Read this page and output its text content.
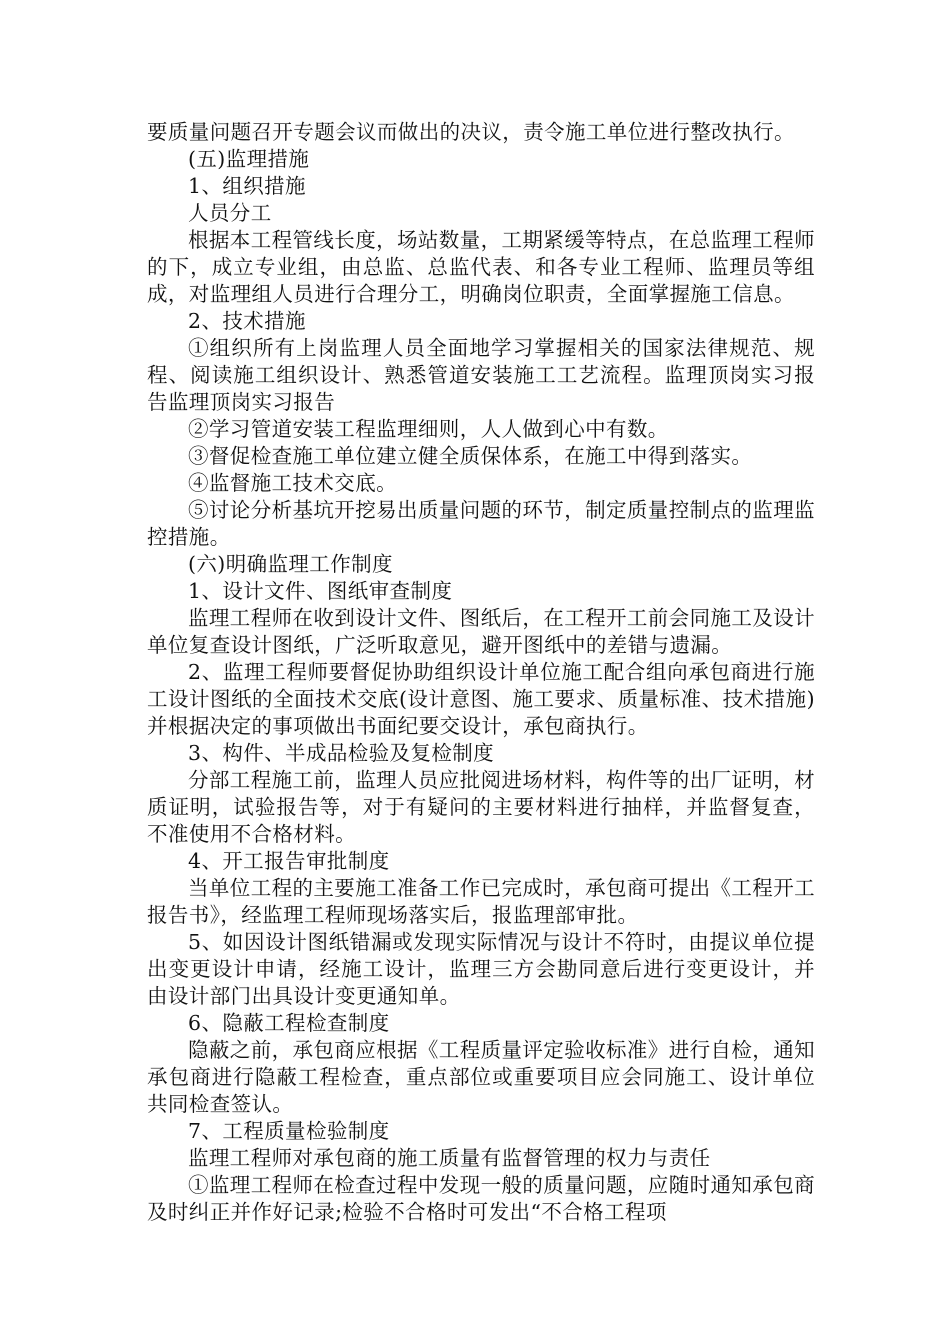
要质量问题召开专题会议而做出的决议，责令施工单位进行整改执行。

(五)监理措施

1、组织措施

人员分工

根据本工程管线长度，场站数量，工期紧缓等特点，在总监理工程师的下，成立专业组，由总监、总监代表、和各专业工程师、监理员等组成，对监理组人员进行合理分工，明确岗位职责，全面掌握施工信息。

2、技术措施

①组织所有上岗监理人员全面地学习掌握相关的国家法律规范、规程、阅读施工组织设计、熟悉管道安装施工工艺流程。监理顶岗实习报告监理顶岗实习报告

②学习管道安装工程监理细则，人人做到心中有数。

③督促检查施工单位建立健全质保体系，在施工中得到落实。

④监督施工技术交底。

⑤讨论分析基坑开挖易出质量问题的环节，制定质量控制点的监理监控措施。

(六)明确监理工作制度

1、设计文件、图纸审查制度

监理工程师在收到设计文件、图纸后，在工程开工前会同施工及设计单位复查设计图纸，广泛听取意见，避开图纸中的差错与遗漏。

2、监理工程师要督促协助组织设计单位施工配合组向承包商进行施工设计图纸的全面技术交底(设计意图、施工要求、质量标准、技术措施)并根据决定的事项做出书面纪要交设计，承包商执行。

3、构件、半成品检验及复检制度

分部工程施工前，监理人员应批阅进场材料，构件等的出厂证明，材质证明，试验报告等，对于有疑问的主要材料进行抽样，并监督复查，不准使用不合格材料。

4、开工报告审批制度

当单位工程的主要施工准备工作已完成时，承包商可提出《工程开工报告书》，经监理工程师现场落实后，报监理部审批。

5、如因设计图纸错漏或发现实际情况与设计不符时，由提议单位提出变更设计申请，经施工设计，监理三方会勘同意后进行变更设计，并由设计部门出具设计变更通知单。

6、隐蔽工程检查制度

隐蔽之前，承包商应根据《工程质量评定验收标准》进行自检，通知承包商进行隐蔽工程检查，重点部位或重要项目应会同施工、设计单位共同检查签认。

7、工程质量检验制度

监理工程师对承包商的施工质量有监督管理的权力与责任

①监理工程师在检查过程中发现一般的质量问题，应随时通知承包商及时纠正并作好记录;检验不合格时可发出“不合格工程项
